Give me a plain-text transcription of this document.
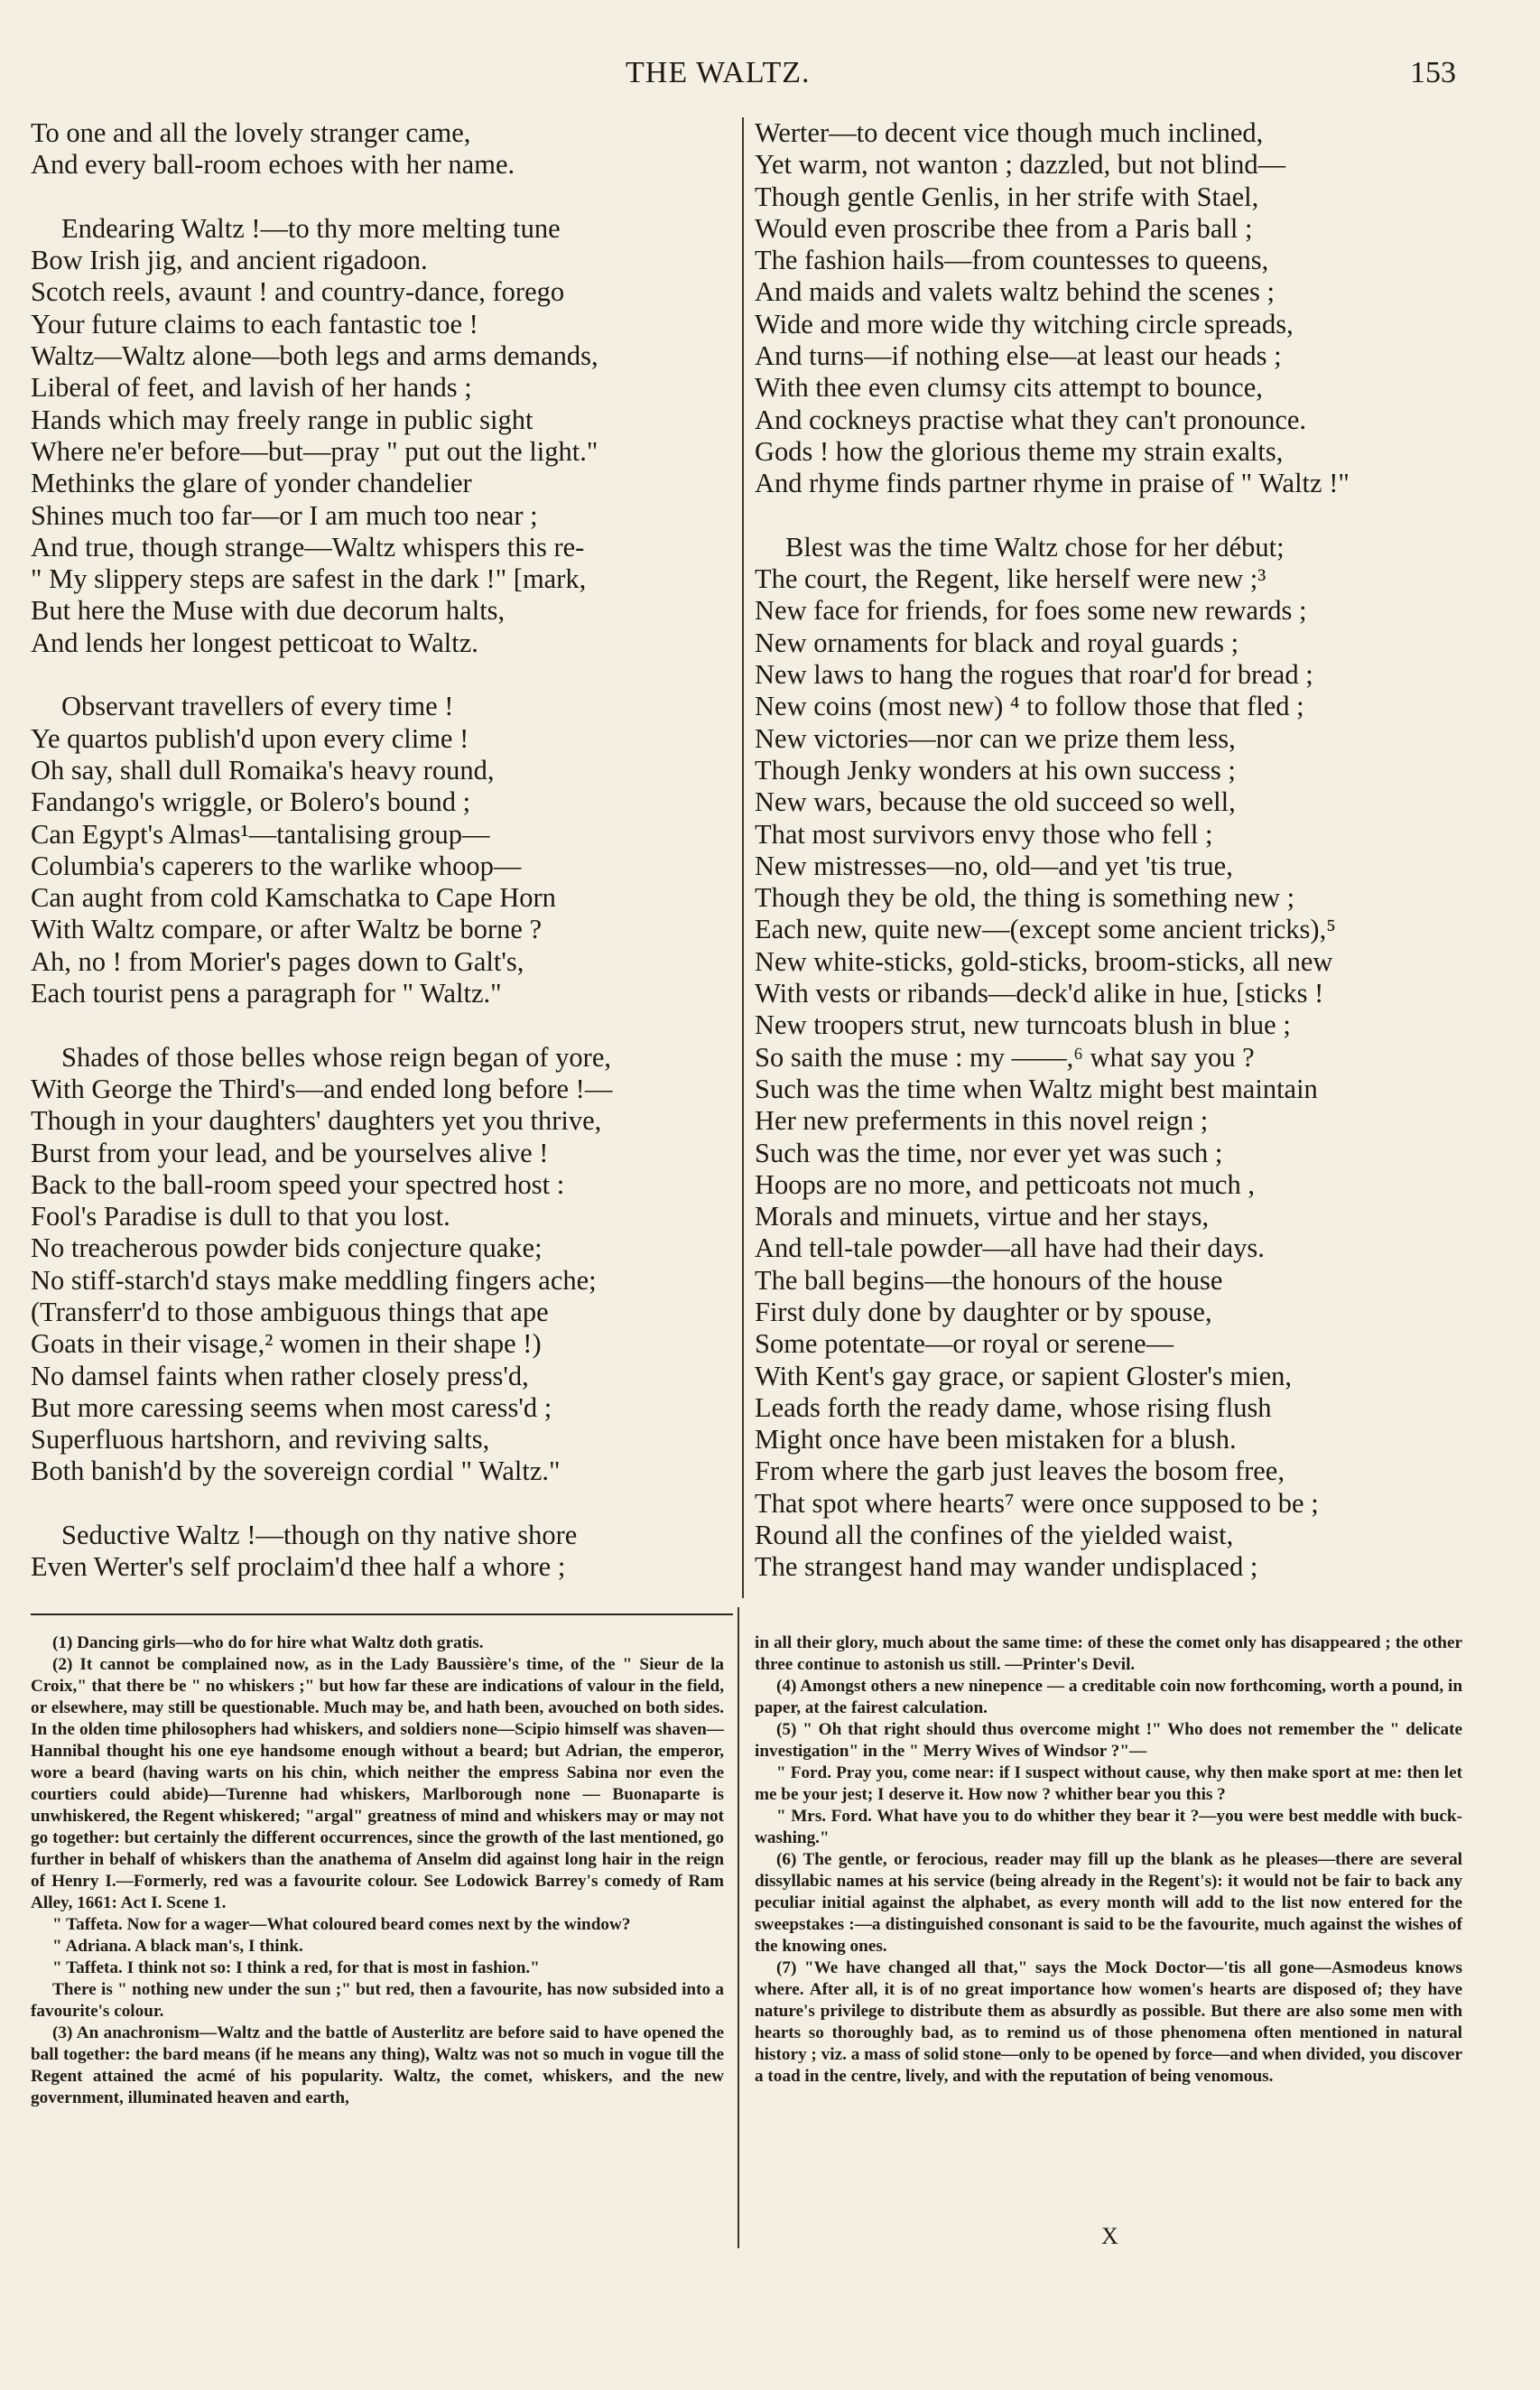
THE WALTZ.	153
To one and all the lovely stranger came,
And every ball-room echoes with her name.
Endearing Waltz !—to thy more melting tune
Bow Irish jig, and ancient rigadoon.
Scotch reels, avaunt ! and country-dance, forego
Your future claims to each fantastic toe !
Waltz—Waltz alone—both legs and arms demands,
Liberal of feet, and lavish of her hands ;
Hands which may freely range in public sight
Where ne'er before—but—pray " put out the light."
Methinks the glare of yonder chandelier
Shines much too far—or I am much too near ;
And true, though strange—Waltz whispers this re-
" My slippery steps are safest in the dark !" [mark,
But here the Muse with due decorum halts,
And lends her longest petticoat to Waltz.
Observant travellers of every time !
Ye quartos publish'd upon every clime !
Oh say, shall dull Romaika's heavy round,
Fandango's wriggle, or Bolero's bound ;
Can Egypt's Almas¹—tantalising group—
Columbia's caperers to the warlike whoop—
Can aught from cold Kamschatka to Cape Horn
With Waltz compare, or after Waltz be borne ?
Ah, no ! from Morier's pages down to Galt's,
Each tourist pens a paragraph for " Waltz."
Shades of those belles whose reign began of yore,
With George the Third's—and ended long before !—
Though in your daughters' daughters yet you thrive,
Burst from your lead, and be yourselves alive !
Back to the ball-room speed your spectred host :
Fool's Paradise is dull to that you lost.
No treacherous powder bids conjecture quake;
No stiff-starch'd stays make meddling fingers ache;
(Transferr'd to those ambiguous things that ape
Goats in their visage,² women in their shape !)
No damsel faints when rather closely press'd,
But more caressing seems when most caress'd ;
Superfluous hartshorn, and reviving salts,
Both banish'd by the sovereign cordial " Waltz."
Seductive Waltz !—though on thy native shore
Even Werter's self proclaim'd thee half a whore ;
Werter—to decent vice though much inclined,
Yet warm, not wanton ; dazzled, but not blind—
Though gentle Genlis, in her strife with Stael,
Would even proscribe thee from a Paris ball ;
The fashion hails—from countesses to queens,
And maids and valets waltz behind the scenes ;
Wide and more wide thy witching circle spreads,
And turns—if nothing else—at least our heads ;
With thee even clumsy cits attempt to bounce,
And cockneys practise what they can't pronounce.
Gods ! how the glorious theme my strain exalts,
And rhyme finds partner rhyme in praise of " Waltz !"
Blest was the time Waltz chose for her début;
The court, the Regent, like herself were new ;³
New face for friends, for foes some new rewards ;
New ornaments for black and royal guards ;
New laws to hang the rogues that roar'd for bread ;
New coins (most new) ⁴ to follow those that fled ;
New victories—nor can we prize them less,
Though Jenky wonders at his own success ;
New wars, because the old succeed so well,
That most survivors envy those who fell ;
New mistresses—no, old—and yet 'tis true,
Though they be old, the thing is something new ;
Each new, quite new—(except some ancient tricks),⁵
New white-sticks, gold-sticks, broom-sticks, all new
With vests or ribands—deck'd alike in hue, [sticks !
New troopers strut, new turncoats blush in blue ;
So saith the muse : my ——,⁶ what say you ?
Such was the time when Waltz might best maintain
Her new preferments in this novel reign ;
Such was the time, nor ever yet was such ;
Hoops are no more, and petticoats not much ,
Morals and minuets, virtue and her stays,
And tell-tale powder—all have had their days.
The ball begins—the honours of the house
First duly done by daughter or by spouse,
Some potentate—or royal or serene—
With Kent's gay grace, or sapient Gloster's mien,
Leads forth the ready dame, whose rising flush
Might once have been mistaken for a blush.
From where the garb just leaves the bosom free,
That spot where hearts⁷ were once supposed to be ;
Round all the confines of the yielded waist,
The strangest hand may wander undisplaced ;

(1) Dancing girls—who do for hire what Waltz doth gratis.

(2) It cannot be complained now, as in the Lady Baussière's time, of the " Sieur de la Croix," that there be " no whiskers ;" but how far these are indications of valour in the field, or elsewhere, may still be questionable. Much may be, and hath been, avouched on both sides. In the olden time philosophers had whiskers, and soldiers none—Scipio himself was shaven—Hannibal thought his one eye handsome enough without a beard; but Adrian, the emperor, wore a beard (having warts on his chin, which neither the empress Sabina nor even the courtiers could abide)—Turenne had whiskers, Marlborough none — Buonaparte is unwhiskered, the Regent whiskered; "argal" greatness of mind and whiskers may or may not go together: but certainly the different occurrences, since the growth of the last mentioned, go further in behalf of whiskers than the anathema of Anselm did against long hair in the reign of Henry I.—Formerly, red was a favourite colour. See Lodowick Barrey's comedy of Ram Alley, 1661: Act I. Scene 1.

" Taffeta. Now for a wager—What coloured beard comes next by the window?

" Adriana. A black man's, I think.

" Taffeta. I think not so: I think a red, for that is most in fashion."

There is " nothing new under the sun ;" but red, then a favourite, has now subsided into a favourite's colour.

(3) An anachronism—Waltz and the battle of Austerlitz are before said to have opened the ball together: the bard means (if he means any thing), Waltz was not so much in vogue till the Regent attained the acmé of his popularity. Waltz, the comet, whiskers, and the new government, illuminated heaven and earth,

in all their glory, much about the same time: of these the comet only has disappeared ; the other three continue to astonish us still. —Printer's Devil.

(4) Amongst others a new ninepence — a creditable coin now forthcoming, worth a pound, in paper, at the fairest calculation.

(5) " Oh that right should thus overcome might !" Who does not remember the " delicate investigation" in the " Merry Wives of Windsor ?"—

" Ford. Pray you, come near: if I suspect without cause, why then make sport at me: then let me be your jest; I deserve it. How now ? whither bear you this ?

" Mrs. Ford. What have you to do whither they bear it ?—you were best meddle with buck-washing."

(6) The gentle, or ferocious, reader may fill up the blank as he pleases—there are several dissyllabic names at his service (being already in the Regent's): it would not be fair to back any peculiar initial against the alphabet, as every month will add to the list now entered for the sweepstakes :—a distinguished consonant is said to be the favourite, much against the wishes of the knowing ones.

(7) "We have changed all that," says the Mock Doctor—'tis all gone—Asmodeus knows where. After all, it is of no great importance how women's hearts are disposed of; they have nature's privilege to distribute them as absurdly as possible. But there are also some men with hearts so thoroughly bad, as to remind us of those phenomena often mentioned in natural history ; viz. a mass of solid stone—only to be opened by force—and when divided, you discover a toad in the centre, lively, and with the reputation of being venomous.

X
